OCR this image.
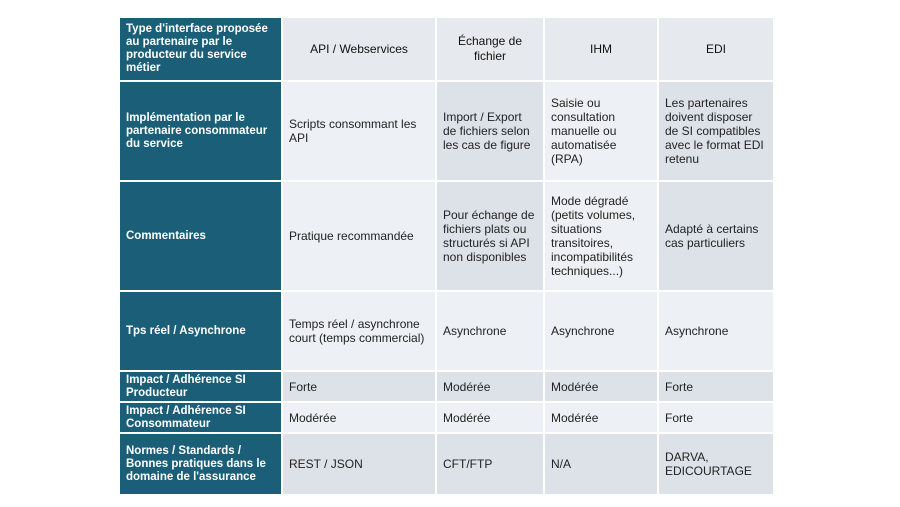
Type d'interface proposée au partenaire par le producteur du service métier	API / Webservices	Échange de fichier	IHM	EDI
Implémentation par le partenaire consommateur du service	Scripts consommant les API	Import / Export de fichiers selon les cas de figure	Saisie ou consultation manuelle ou automatisée (RPA)	Les partenaires doivent disposer de SI compatibles avec le format EDI retenu
Commentaires	Pratique recommandée	Pour échange de fichiers plats ou structurés si API non disponibles	Mode dégradé (petits volumes, situations transitoires, incompatibilités techniques...)	Adapté à certains cas particuliers
Tps réel / Asynchrone	Temps réel / asynchrone court (temps commercial)	Asynchrone	Asynchrone	Asynchrone
Impact / Adhérence SI Producteur	Forte	Modérée	Modérée	Forte
Impact / Adhérence SI Consommateur	Modérée	Modérée	Modérée	Forte
Normes / Standards / Bonnes pratiques dans le domaine de l'assurance	REST / JSON	CFT/FTP	N/A	DARVA, EDICOURTAGE
